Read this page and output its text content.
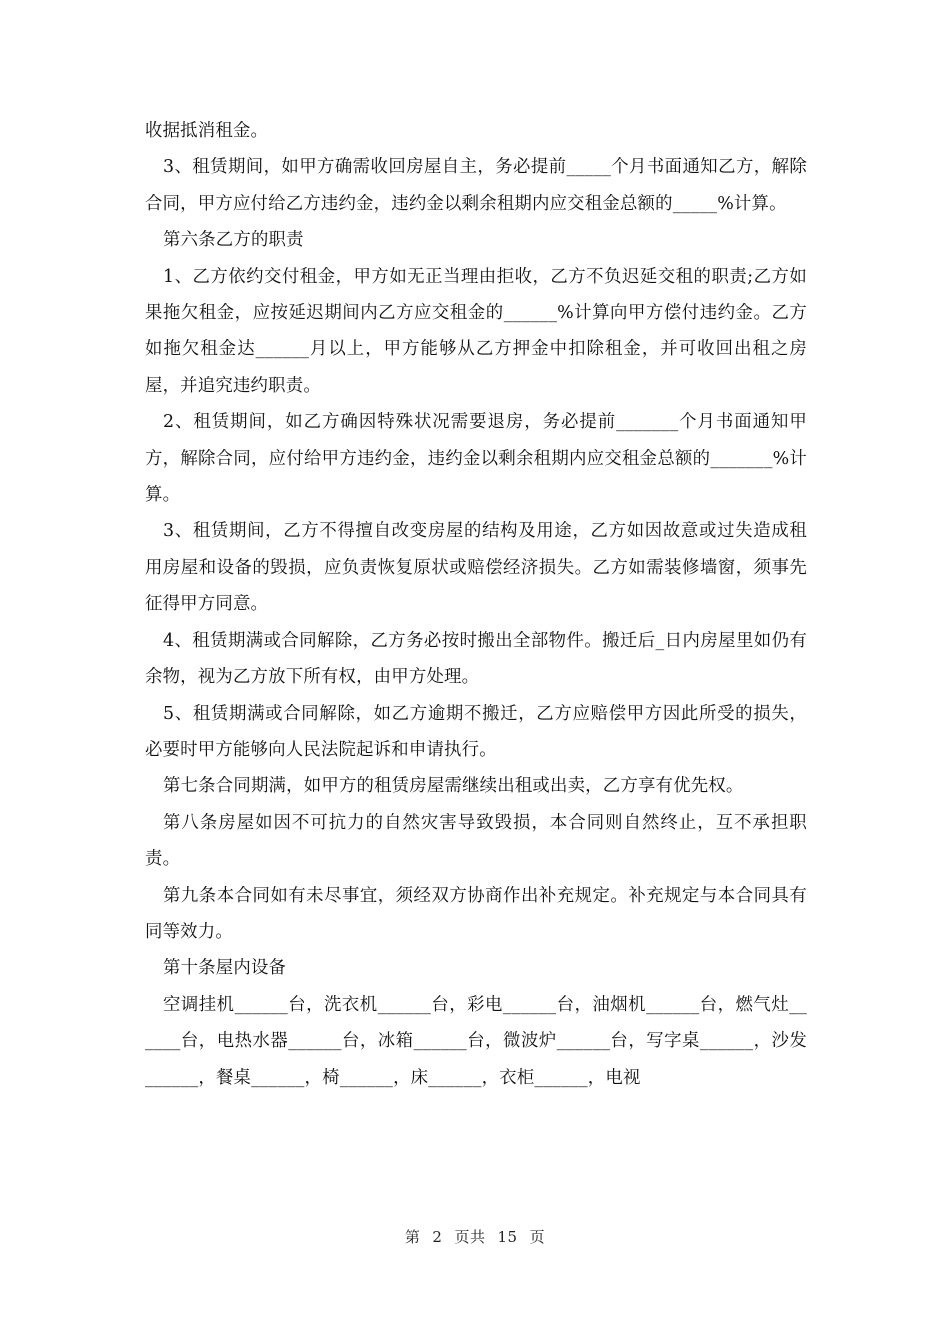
收据抵消租金。

3、租赁期间，如甲方确需收回房屋自主，务必提前_____个月书面通知乙方，解除合同，甲方应付给乙方违约金，违约金以剩余租期内应交租金总额的_____%计算。

第六条乙方的职责

1、乙方依约交付租金，甲方如无正当理由拒收，乙方不负迟延交租的职责;乙方如果拖欠租金，应按延迟期间内乙方应交租金的______%计算向甲方偿付违约金。乙方如拖欠租金达______月以上，甲方能够从乙方押金中扣除租金，并可收回出租之房屋，并追究违约职责。

2、租赁期间，如乙方确因特殊状况需要退房，务必提前_______个月书面通知甲方，解除合同，应付给甲方违约金，违约金以剩余租期内应交租金总额的_______%计算。

3、租赁期间，乙方不得擅自改变房屋的结构及用途，乙方如因故意或过失造成租用房屋和设备的毁损，应负责恢复原状或赔偿经济损失。乙方如需装修墙窗，须事先征得甲方同意。

4、租赁期满或合同解除，乙方务必按时搬出全部物件。搬迁后_日内房屋里如仍有余物，视为乙方放下所有权，由甲方处理。

5、租赁期满或合同解除，如乙方逾期不搬迁，乙方应赔偿甲方因此所受的损失，必要时甲方能够向人民法院起诉和申请执行。

第七条合同期满，如甲方的租赁房屋需继续出租或出卖，乙方享有优先权。

第八条房屋如因不可抗力的自然灾害导致毁损，本合同则自然终止，互不承担职责。

第九条本合同如有未尽事宜，须经双方协商作出补充规定。补充规定与本合同具有同等效力。

第十条屋内设备

空调挂机______台，洗衣机______台，彩电______台，油烟机______台，燃气灶______台，电热水器______台，冰箱______台，微波炉______台，写字桌______，沙发______，餐桌______，椅______，床______，衣柜______，电视

第 2 页共 15 页
